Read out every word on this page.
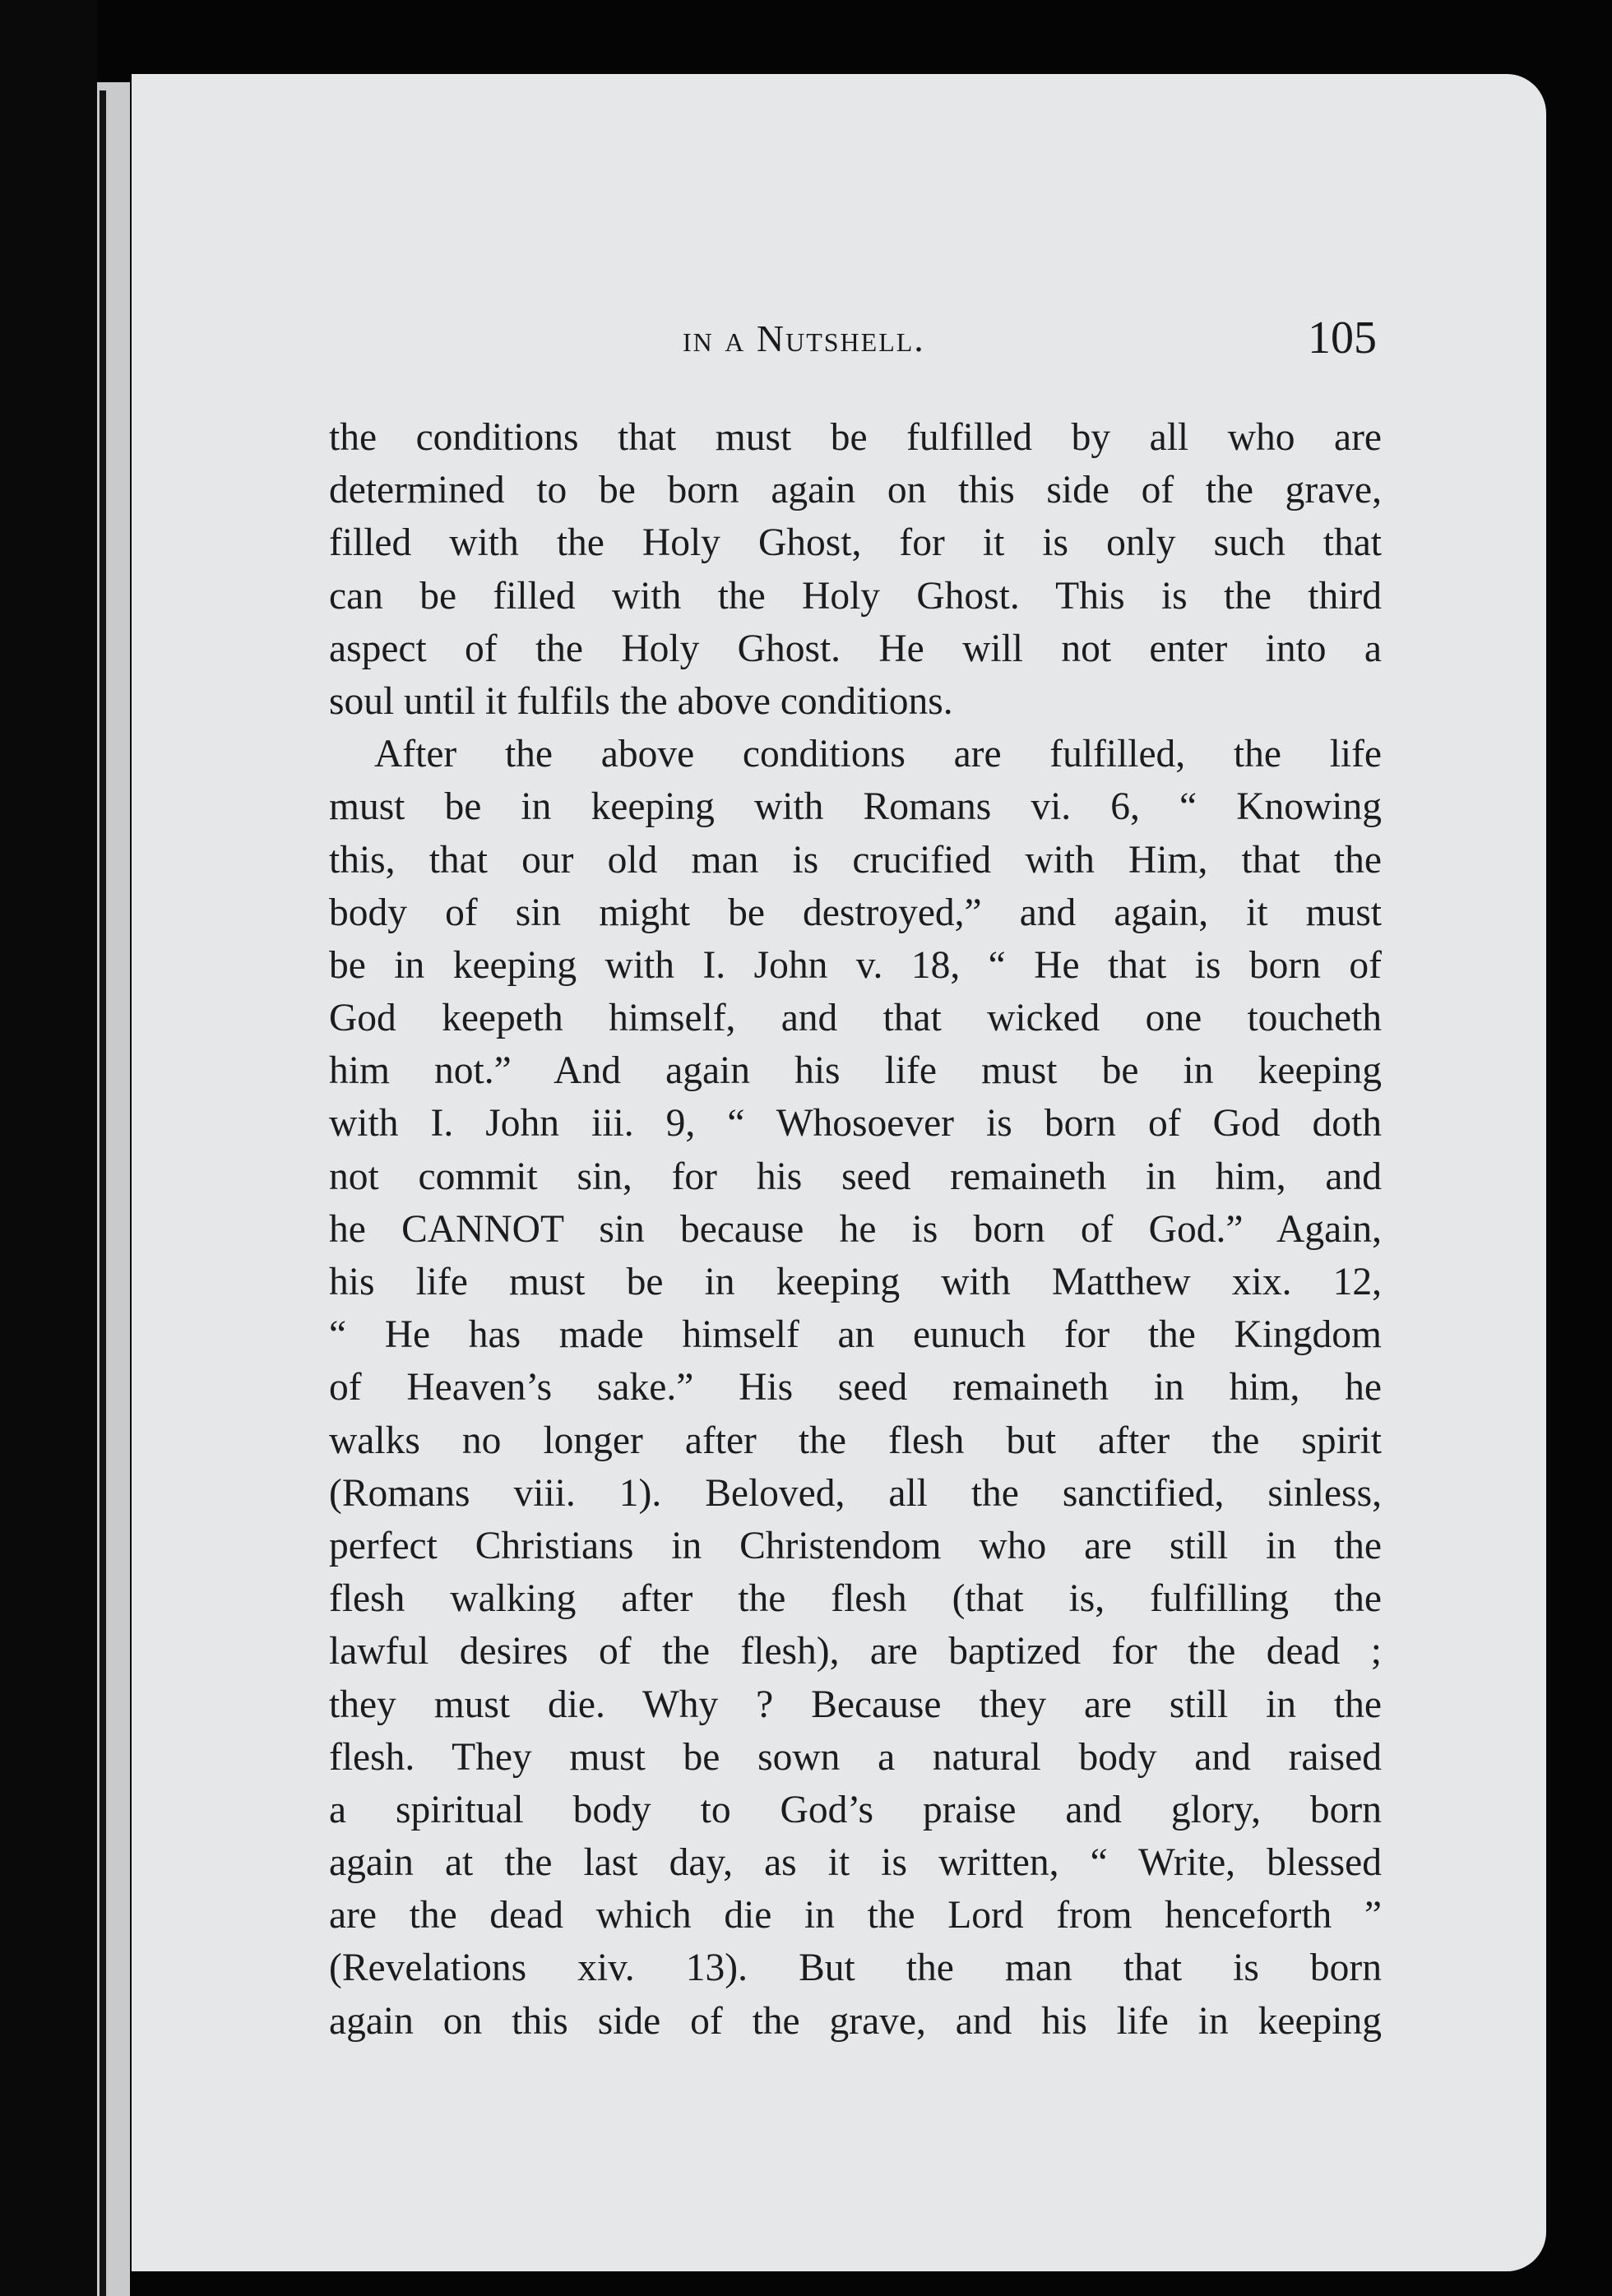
in a Nutshell.	105
the conditions that must be fulfilled by all who are
determined to be born again on this side of the grave,
filled with the Holy Ghost, for it is only such that
can be filled with the Holy Ghost. This is the third
aspect of the Holy Ghost. He will not enter into a
soul until it fulfils the above conditions.
After the above conditions are fulfilled, the life
must be in keeping with Romans vi. 6, “ Knowing
this, that our old man is crucified with Him, that the
body of sin might be destroyed,” and again, it must
be in keeping with I. John v. 18, “ He that is born of
God keepeth himself, and that wicked one toucheth
him not.” And again his life must be in keeping
with I. John iii. 9, “ Whosoever is born of God doth
not commit sin, for his seed remaineth in him, and
he CANNOT sin because he is born of God.” Again,
his life must be in keeping with Matthew xix. 12,
“ He has made himself an eunuch for the Kingdom
of Heaven’s sake.” His seed remaineth in him, he
walks no longer after the flesh but after the spirit
(Romans viii. 1). Beloved, all the sanctified, sinless,
perfect Christians in Christendom who are still in the
flesh walking after the flesh (that is, fulfilling the
lawful desires of the flesh), are baptized for the dead ;
they must die. Why ? Because they are still in the
flesh. They must be sown a natural body and raised
a spiritual body to God’s praise and glory, born
again at the last day, as it is written, “ Write, blessed
are the dead which die in the Lord from henceforth ”
(Revelations xiv. 13). But the man that is born
again on this side of the grave, and his life in keeping
